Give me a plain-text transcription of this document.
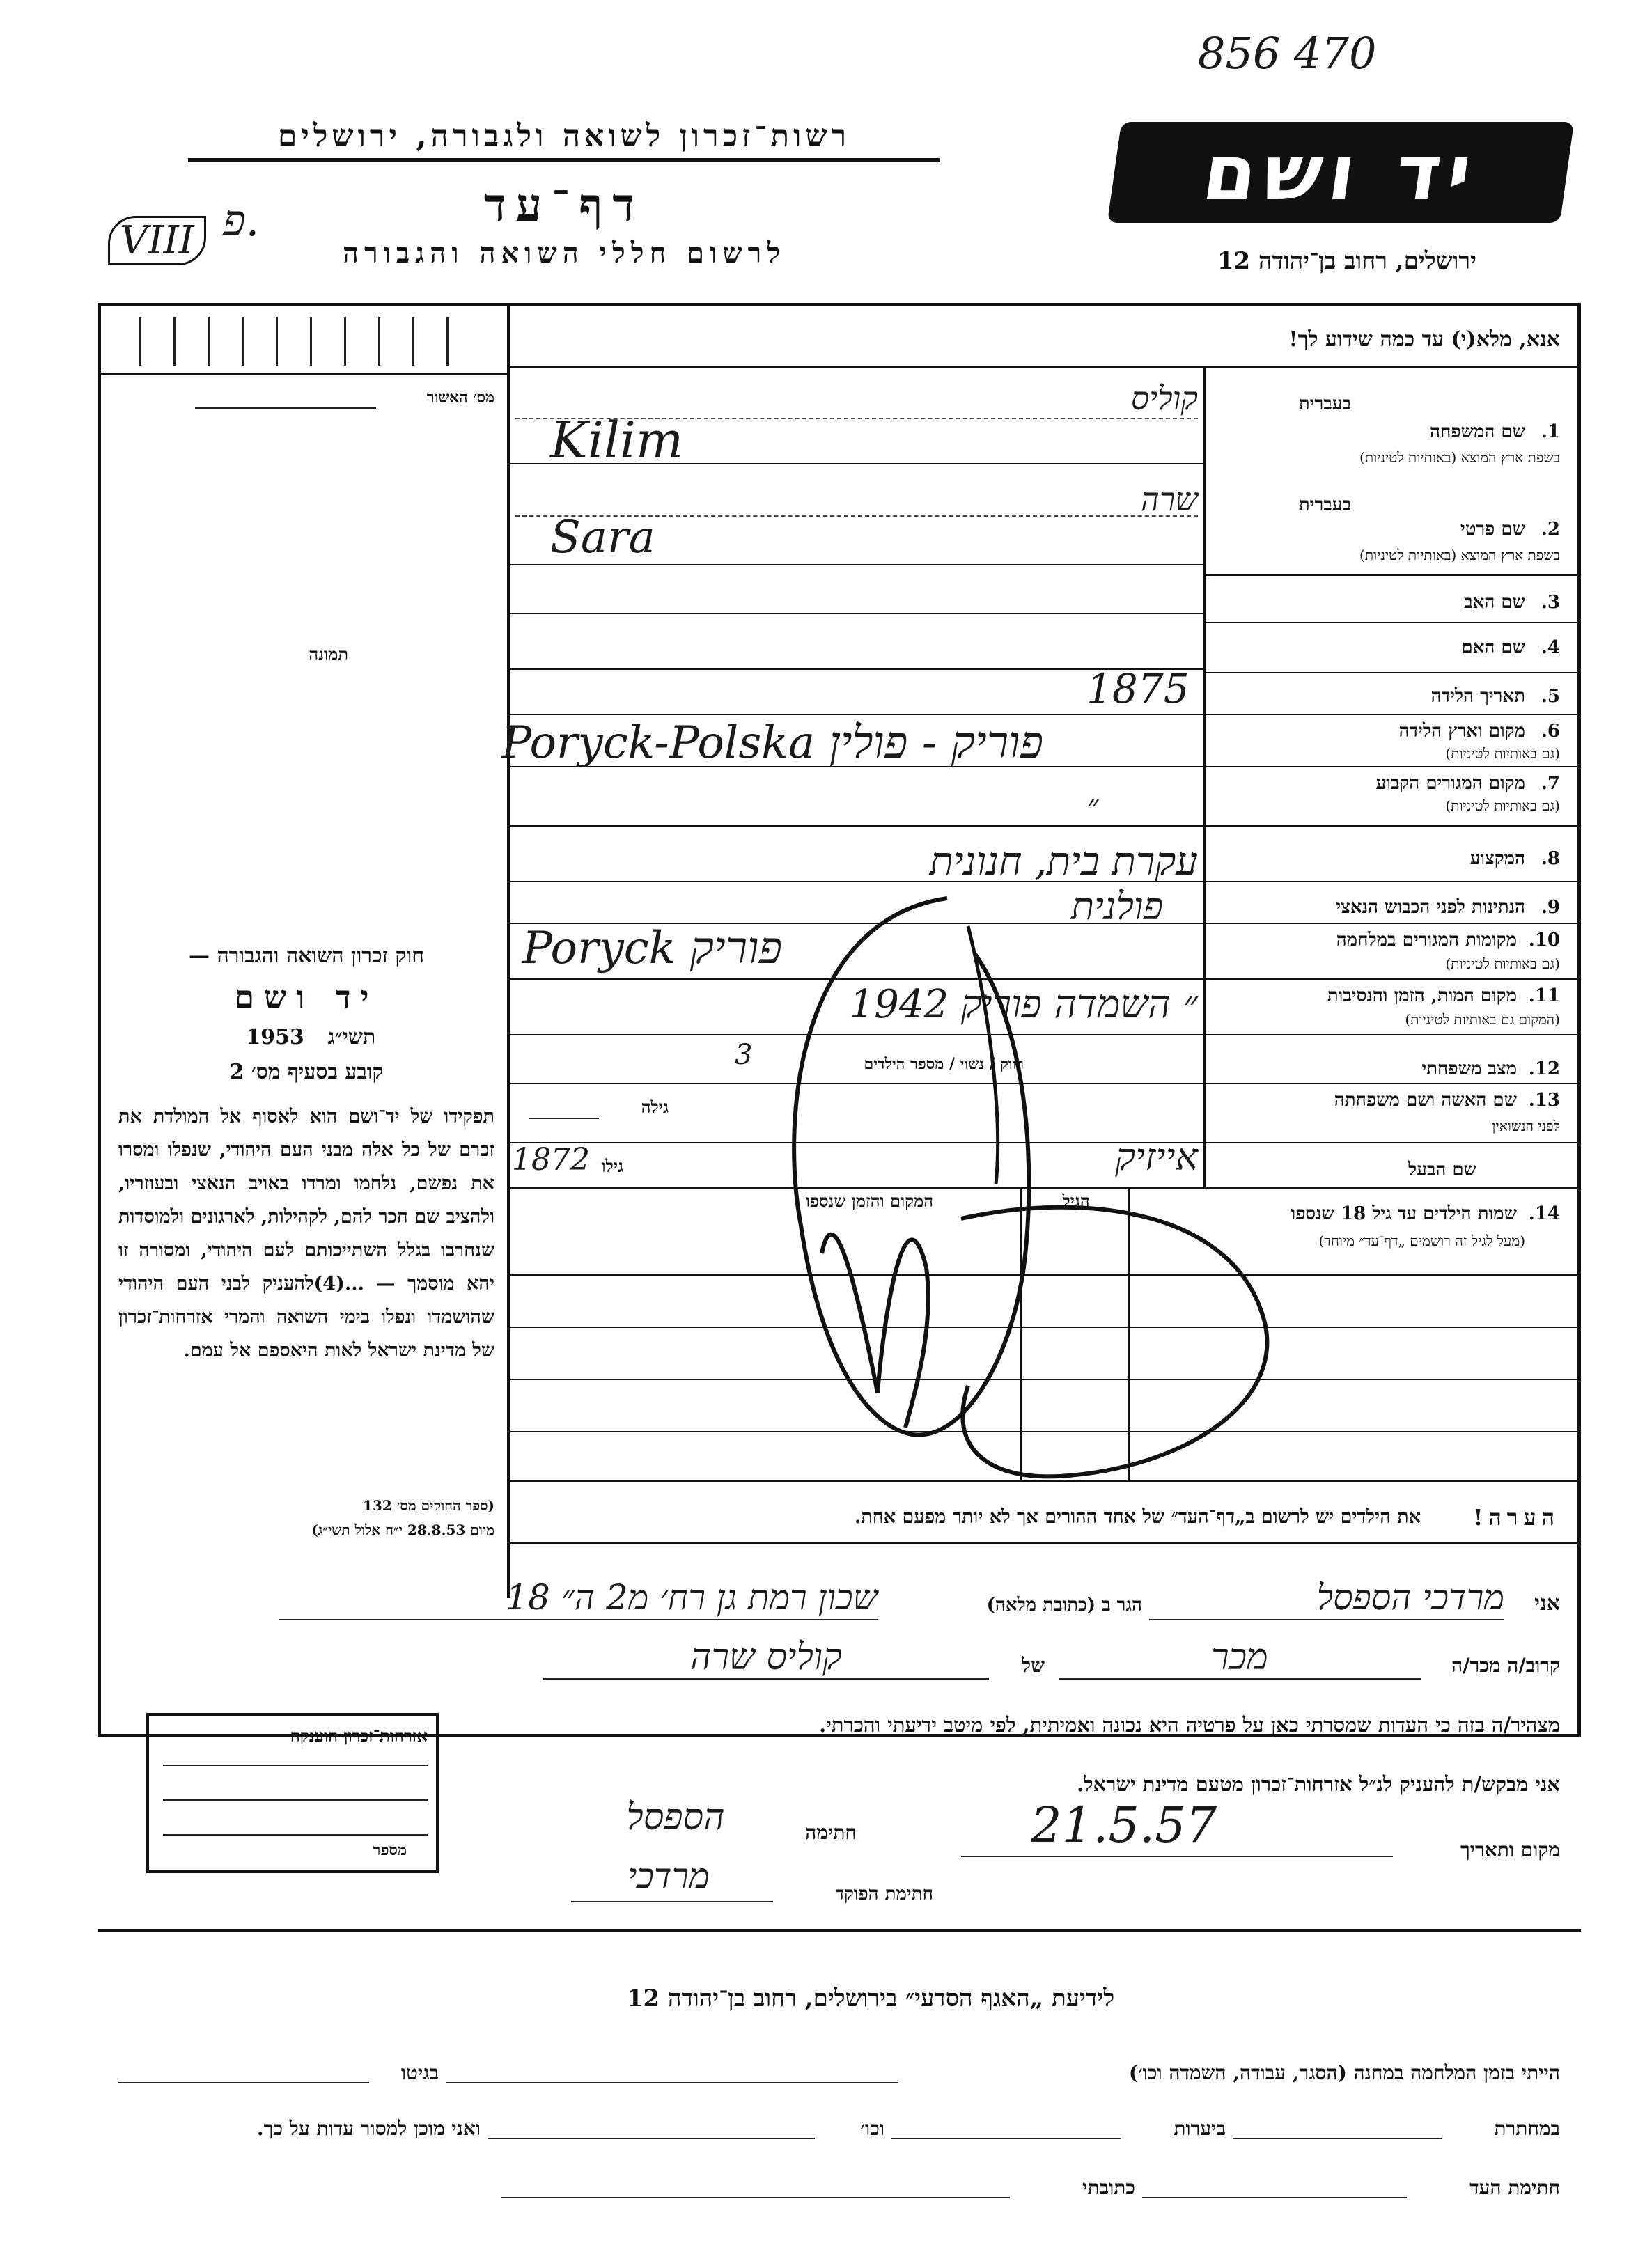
856 470
רשות־זכרון לשואה ולגבורה, ירושלים
דף־עד
לרשום חללי השואה והגבורה
פ.
VIII
יד ושם
ירושלים, רחוב בן־יהודה 12
מס׳ האשור
תמונה
חוק זכרון השואה והגבורה —
יד ושם
תשי״ג
1953
קובע בסעיף מס׳ 2
תפקידו של יד־ושם הוא לאסוף אל המולדת את זכרם של כל אלה מבני העם היהודי, שנפלו ומסרו את נפשם, נלחמו ומרדו באויב הנאצי ובעוזריו, ולהציב שם חכר להם, לקהילות, לארגונים ולמוסדות שנחרבו בגלל השתייכותם לעם היהודי, ומסורה זו יהא מוסמך — ...(4)להעניק לבני העם היהודי שהושמדו ונפלו בימי השואה והמרי אזרחות־זכרון של מדינת ישראל לאות היאספם אל עמם.
(ספר החוקים מס׳ 132
מיום 28.8.53 י״ח אלול תשי״ג)
אנא, מלא(י) עד כמה שידוע לך!
בעברית
1.
שם המשפחה
בשפת ארץ המוצא (באותיות לטיניות)
בעברית
2.
שם פרטי
בשפת ארץ המוצא (באותיות לטיניות)
3.
שם האב
4.
שם האם
5.
תאריך הלידה
6.
מקום וארץ הלידה
(גם באותיות לטיניות)
7.
מקום המגורים הקבוע
(גם באותיות לטיניות)
8.
המקצוע
9.
הנתינות לפני הכבוש הנאצי
10.
מקומות המגורים במלחמה
(גם באותיות לטיניות)
11.
מקום המות, הזמן והנסיבות
(המקום גם באותיות לטיניות)
12.
מצב משפחתי
13.
שם האשה ושם משפחתה
לפני הנשואין
שם הבעל
קוליס
Kilim
שרה
Sara
1875
Poryck-Polska פוריק - פולין
״
עקרת בית, חנונית
פולנית
Poryck פוריק
״ השמדה פוריק 1942
3	רווק / נשוי / מספר הילדים
גילה
גילו
1872	אייזיק
14.
שמות הילדים עד גיל 18 שנספו
(מעל לגיל זה רושמים „דף־עד״ מיוחד)
הגיל
המקום והזמן שנספו
הערה!
את הילדים יש לרשום ב„דף־העד״ של אחד ההורים אך לא יותר מפעם אחת.
אני
מרדכי הספסל
הגר ב (כתובת מלאה)
שכון רמת גן רח׳ מ2 ה״ 18
קרוב/ה מכר/ה
מכר
של
קוליס שרה
מצהיר/ה בזה כי העדות שמסרתי כאן על פרטיה היא נכונה ואמיתית, לפי מיטב ידיעתי והכרתי.
אני מבקש/ת להעניק לנ״ל אזרחות־זכרון מטעם מדינת ישראל.
מקום ותאריך
21.5.57
חתימה
הספסל
חתימת הפוקד
מרדכי
אזרחות־זכרון הוענקה
מספר
לידיעת „האגף הסדעי״ בירושלים, רחוב בן־יהודה 12
הייתי בזמן המלחמה במחנה (הסגר, עבודה, השמדה וכו׳)
בגיטו
במחתרת
ביערות
וכו׳
ואני מוכן למסור עדות על כך.
חתימת העד
כתובתי
